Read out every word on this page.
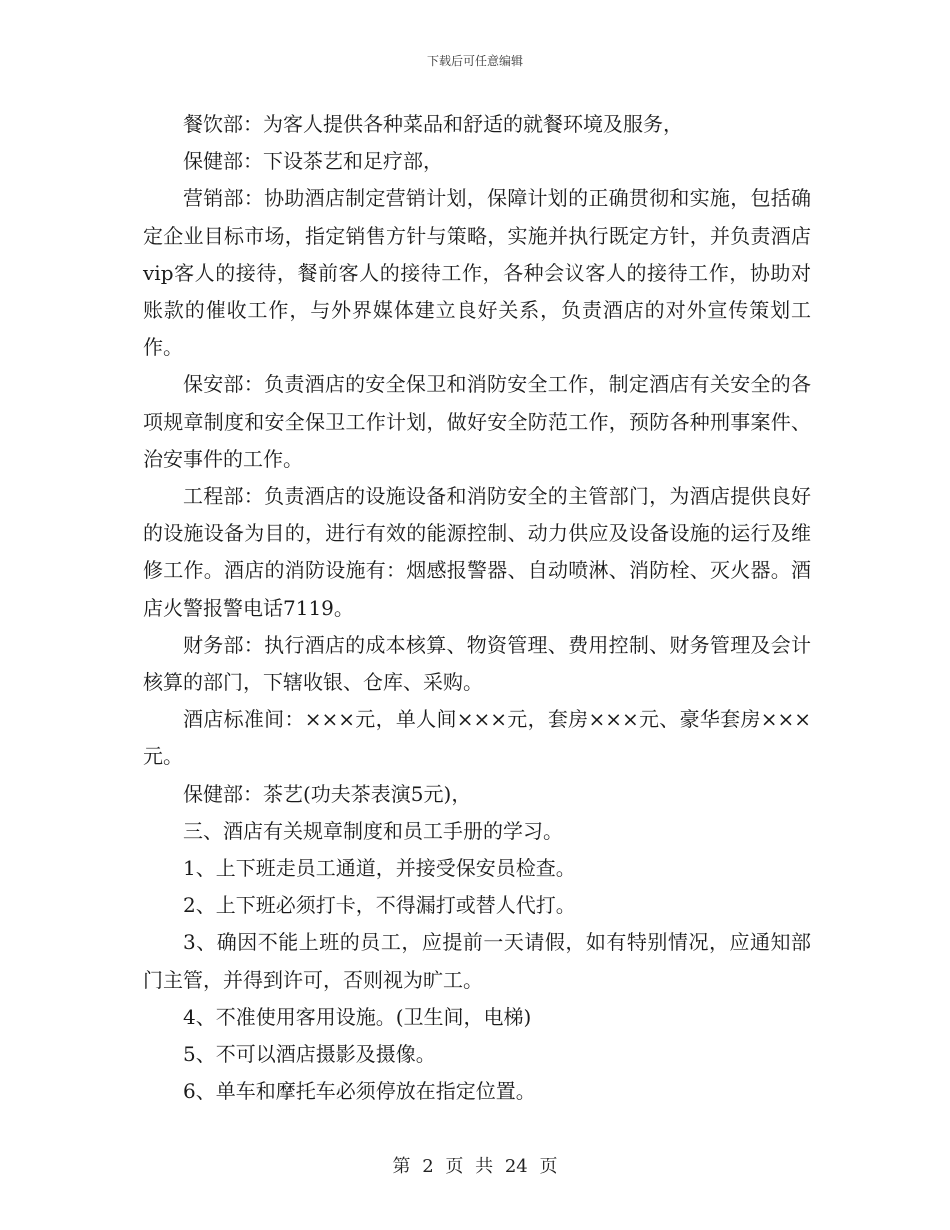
下载后可任意编辑

餐饮部：为客人提供各种菜品和舒适的就餐环境及服务，

保健部：下设茶艺和足疗部，

营销部：协助酒店制定营销计划，保障计划的正确贯彻和实施，包括确定企业目标市场，指定销售方针与策略，实施并执行既定方针，并负责酒店vip客人的接待，餐前客人的接待工作，各种会议客人的接待工作，协助对账款的催收工作，与外界媒体建立良好关系，负责酒店的对外宣传策划工作。

保安部：负责酒店的安全保卫和消防安全工作，制定酒店有关安全的各项规章制度和安全保卫工作计划，做好安全防范工作，预防各种刑事案件、治安事件的工作。

工程部：负责酒店的设施设备和消防安全的主管部门，为酒店提供良好的设施设备为目的，进行有效的能源控制、动力供应及设备设施的运行及维修工作。酒店的消防设施有：烟感报警器、自动喷淋、消防栓、灭火器。酒店火警报警电话7119。

财务部：执行酒店的成本核算、物资管理、费用控制、财务管理及会计核算的部门，下辖收银、仓库、采购。

酒店标准间：×××元，单人间×××元，套房×××元、豪华套房×××元。

保健部：茶艺(功夫茶表演5元)，

三、酒店有关规章制度和员工手册的学习。

1、上下班走员工通道，并接受保安员检查。

2、上下班必须打卡，不得漏打或替人代打。

3、确因不能上班的员工，应提前一天请假，如有特别情况，应通知部门主管，并得到许可，否则视为旷工。

4、不准使用客用设施。(卫生间，电梯)

5、不可以酒店摄影及摄像。

6、单车和摩托车必须停放在指定位置。

第 2 页 共 24 页
